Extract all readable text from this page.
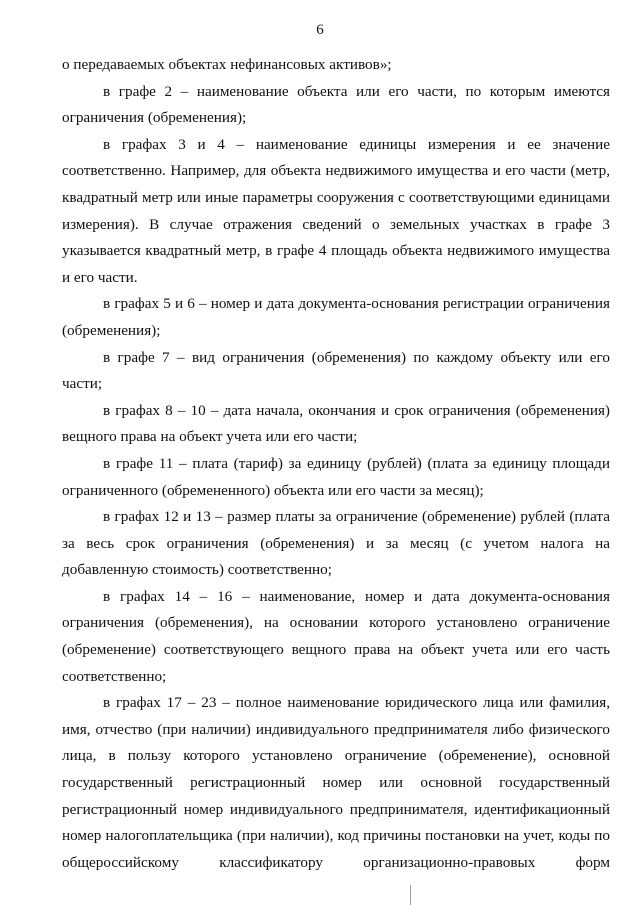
6

о передаваемых объектах нефинансовых активов»;

в графе 2 – наименование объекта или его части, по которым имеются ограничения (обременения);

в графах 3 и 4 – наименование единицы измерения и ее значение соответственно. Например, для объекта недвижимого имущества и его части (метр, квадратный метр или иные параметры сооружения с соответствующими единицами измерения). В случае отражения сведений о земельных участках в графе 3 указывается квадратный метр, в графе 4 площадь объекта недвижимого имущества и его части.

в графах 5 и 6 – номер и дата документа-основания регистрации ограничения (обременения);

в графе 7 – вид ограничения (обременения) по каждому объекту или его части;

в графах 8 – 10 – дата начала, окончания и срок ограничения (обременения) вещного права на объект учета или его части;

в графе 11 – плата (тариф) за единицу (рублей) (плата за единицу площади ограниченного (обремененного) объекта или его части за месяц);

в графах 12 и 13 – размер платы за ограничение (обременение) рублей (плата за весь срок ограничения (обременения) и за месяц (с учетом налога на добавленную стоимость) соответственно;

в графах 14 – 16 – наименование, номер и дата документа-основания ограничения (обременения), на основании которого установлено ограничение (обременение) соответствующего вещного права на объект учета или его часть соответственно;

в графах 17 – 23 – полное наименование юридического лица или фамилия, имя, отчество (при наличии) индивидуального предпринимателя либо физического лица, в пользу которого установлено ограничение (обременение), основной государственный регистрационный номер или основной государственный регистрационный номер индивидуального предпринимателя, идентификационный номер налогоплательщика (при наличии), код причины постановки на учет, коды по общероссийскому классификатору организационно-правовых форм
